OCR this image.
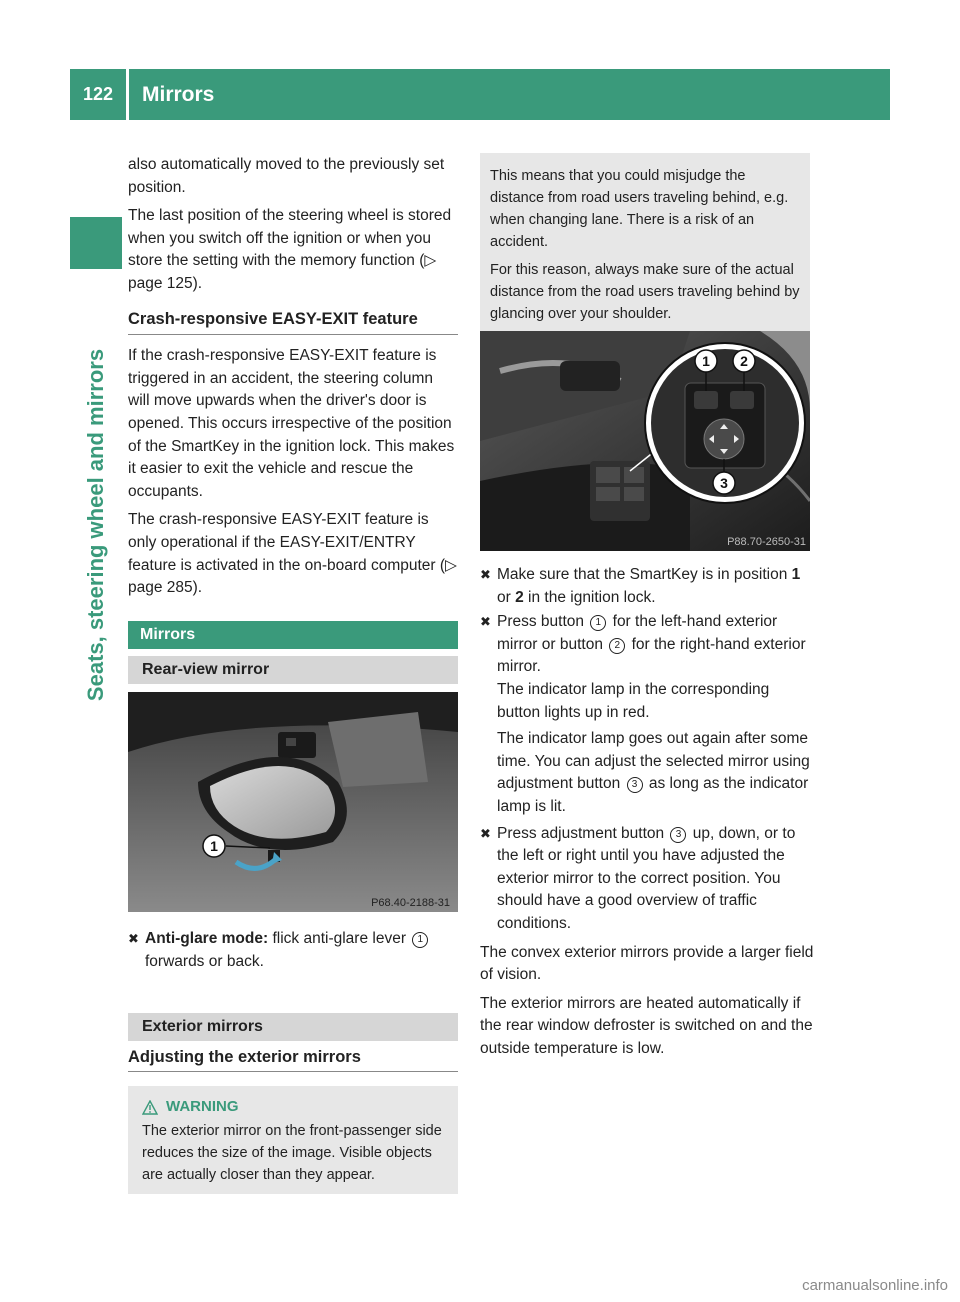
122	Mirrors
Seats, steering wheel and mirrors

also automatically moved to the previously set position.

The last position of the steering wheel is stored when you switch off the ignition or when you store the setting with the memory function (▷ page 125).

Crash-responsive EASY-EXIT feature

If the crash-responsive EASY-EXIT feature is triggered in an accident, the steering column will move upwards when the driver's door is opened. This occurs irrespective of the position of the SmartKey in the ignition lock. This makes it easier to exit the vehicle and rescue the occupants.

The crash-responsive EASY-EXIT feature is only operational if the EASY-EXIT/ENTRY feature is activated in the on-board computer (▷ page 285).

Mirrors
Rear-view mirror
1
P68.40-2188-31
✖ Anti-glare mode: flick anti-glare lever 1
forwards or back.
Exterior mirrors
Adjusting the exterior mirrors
WARNING
The exterior mirror on the front-passenger side reduces the size of the image. Visible objects are actually closer than they appear.

This means that you could misjudge the distance from road users traveling behind, e.g. when changing lane. There is a risk of an accident.

For this reason, always make sure of the actual distance from the road users traveling behind by glancing over your shoulder.

1 2
3
P88.70-2650-31
✖ Make sure that the SmartKey is in position 1 or 2 in the ignition lock.
✖ Press button 1 for the left-hand exterior mirror or button 2 for the right-hand exterior mirror.
The indicator lamp in the corresponding button lights up in red.
The indicator lamp goes out again after some time. You can adjust the selected mirror using adjustment button 3 as long as the indicator lamp is lit.
✖ Press adjustment button 3 up, down, or to the left or right until you have adjusted the exterior mirror to the correct position. You should have a good overview of traffic conditions.

The convex exterior mirrors provide a larger field of vision.

The exterior mirrors are heated automatically if the rear window defroster is switched on and the outside temperature is low.

carmanualsonline.info
